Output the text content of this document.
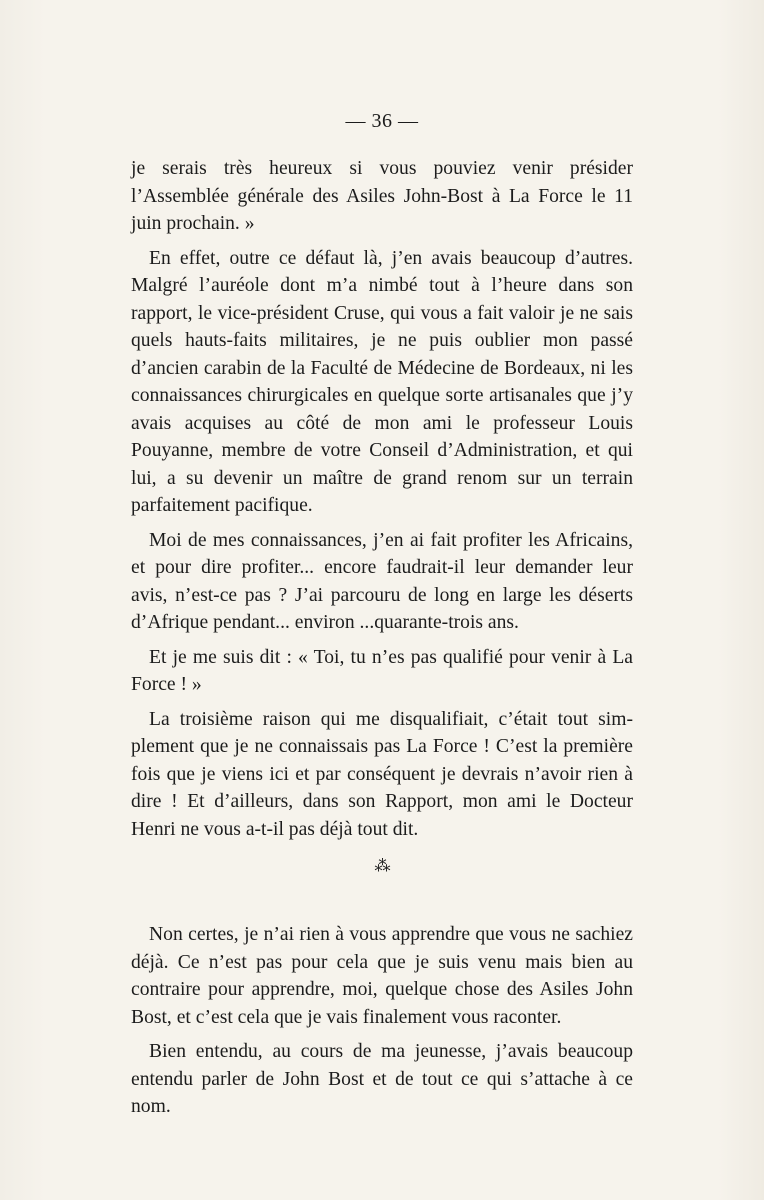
— 36 —

je serais très heureux si vous pouviez venir présider l’Assemblée générale des Asiles John-Bost à La Force le 11 juin prochain. »

En effet, outre ce défaut là, j’en avais beaucoup d’autres. Malgré l’auréole dont m’a nimbé tout à l’heure dans son rapport, le vice-président Cruse, qui vous a fait valoir je ne sais quels hauts-faits militaires, je ne puis oublier mon passé d’ancien carabin de la Faculté de Médecine de Bordeaux, ni les connaissances chirurgicales en quelque sorte artisanales que j’y avais acquises au côté de mon ami le professeur Louis Pouyanne, membre de votre Conseil d’Administration, et qui lui, a su devenir un maître de grand renom sur un terrain parfaitement pacifique.

Moi de mes connaissances, j’en ai fait profiter les Africains, et pour dire profiter... encore faudrait-il leur demander leur avis, n’est-ce pas ? J’ai parcouru de long en large les déserts d’Afrique pendant... environ ...quarante-trois ans.

Et je me suis dit : « Toi, tu n’es pas qualifié pour venir à La Force ! »

La troisième raison qui me disqualifiait, c’était tout simplement que je ne connaissais pas La Force ! C’est la première fois que je viens ici et par conséquent je devrais n’avoir rien à dire ! Et d’ailleurs, dans son Rapport, mon ami le Docteur Henri ne vous a-t-il pas déjà tout dit.

⁂

Non certes, je n’ai rien à vous apprendre que vous ne sachiez déjà. Ce n’est pas pour cela que je suis venu mais bien au contraire pour apprendre, moi, quelque chose des Asiles John Bost, et c’est cela que je vais finalement vous raconter.

Bien entendu, au cours de ma jeunesse, j’avais beaucoup entendu parler de John Bost et de tout ce qui s’attache à ce nom.
